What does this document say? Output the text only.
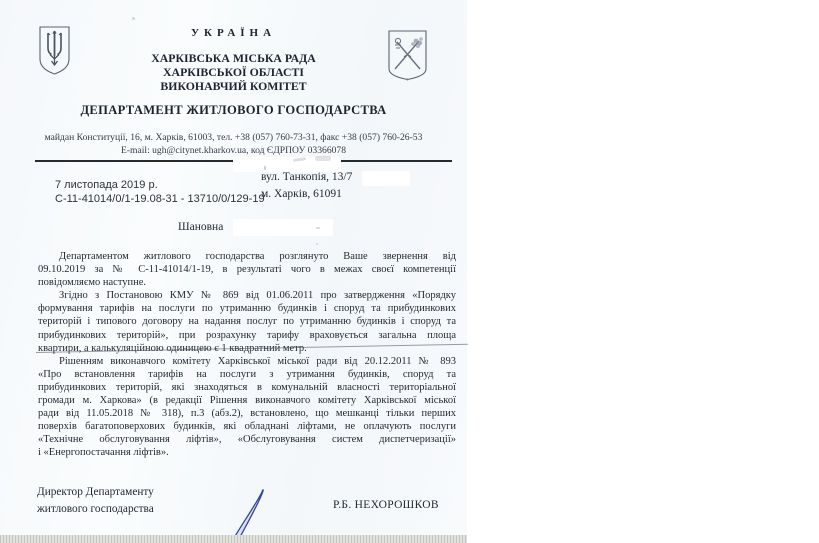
УКРАЇНА
ХАРКІВСЬКА МІСЬКА РАДА
ХАРКІВСЬКОЇ ОБЛАСТІ
ВИКОНАВЧИЙ КОМІТЕТ
ДЕПАРТАМЕНТ ЖИТЛОВОГО ГОСПОДАРСТВА
майдан Конституції, 16, м. Харків, 61003, тел. +38 (057) 760-73-31, факс +38 (057) 760-26-53
E-mail: ugh@citynet.kharkov.ua, код ЄДРПОУ 03366078
7 листопада 2019 р.
С-11-41014/0/1-19.08-31 - 13710/0/129-19
вул. Танкопія, 13/7
м. Харків, 61091
Шановна
Департаментом житлового господарства розглянуто Ваше звернення від
09.10.2019 за № С-11-41014/1-19, в результаті чого в межах своєї компетенції
повідомляємо наступне.
Згідно з Постановою КМУ № 869 від 01.06.2011 про затвердження «Порядку
формування тарифів на послуги по утриманню будинків і споруд та прибудинкових
територій і типового договору на надання послуг по утриманню будинків і споруд та
прибудинкових територій», при розрахунку тарифу враховується загальна площа
квартири, а калькуляційною одиницею є 1 квадратний метр.
Рішенням виконавчого комітету Харківської міської ради від 20.12.2011 № 893
«Про встановлення тарифів на послуги з утримання будинків, споруд та
прибудинкових територій, які знаходяться в комунальній власності територіальної
громади м. Харкова» (в редакції Рішення виконавчого комітету Харківської міської
ради від 11.05.2018 № 318), п.3 (абз.2), встановлено, що мешканці тільки перших
поверхів багатоповерхових будинків, які обладнані ліфтами, не оплачують послуги
«Технічне обслуговування ліфтів», «Обслуговування систем диспетчеризації»
і «Енергопостачання ліфтів».
Директор Департаменту
житлового господарства	Р.Б. НЕХОРОШКОВ
